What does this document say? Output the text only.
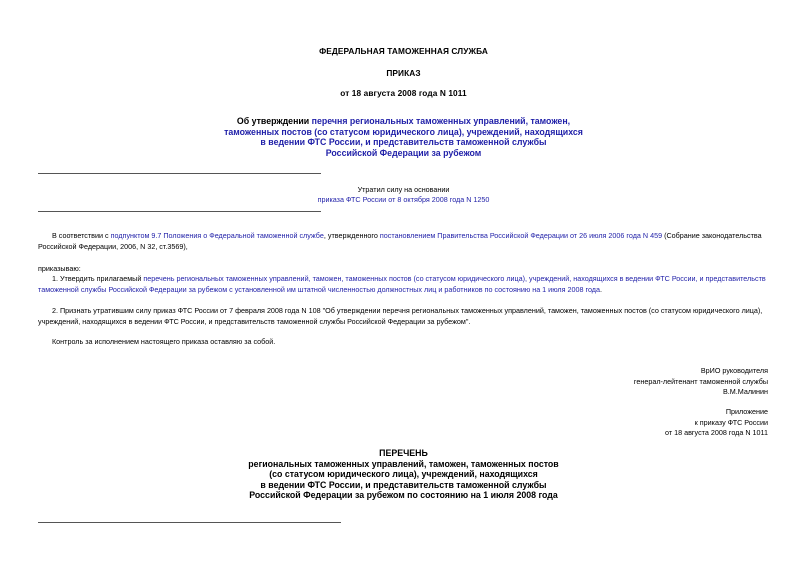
ФЕДЕРАЛЬНАЯ ТАМОЖЕННАЯ СЛУЖБА
ПРИКАЗ
от 18 августа 2008 года N 1011
Об утверждении перечня региональных таможенных управлений, таможен,
таможенных постов (со статусом юридического лица), учреждений, находящихся
в ведении ФТС России, и представительств таможенной службы
Российской Федерации за рубежом
Утратил силу на основании
приказа ФТС России от 8 октября 2008 года N 1250
В соответствии с подпунктом 9.7 Положения о Федеральной таможенной службе, утвержденного постановлением Правительства Российской Федерации от 26 июля 2006 года N 459 (Собрание законодательства
Российской Федерации, 2006, N 32, ст.3569),
приказываю:
1. Утвердить прилагаемый перечень региональных таможенных управлений, таможен, таможенных постов (со статусом юридического лица), учреждений, находящихся в ведении ФТС России, и представительств
таможенной службы Российской Федерации за рубежом с установленной им штатной численностью должностных лиц и работников по состоянию на 1 июля 2008 года.
2. Признать утратившим силу приказ ФТС России от 7 февраля 2008 года N 108 "Об утверждении перечня региональных таможенных управлений, таможен, таможенных постов (со статусом юридического лица),
учреждений, находящихся в ведении ФТС России, и представительств таможенной службы Российской Федерации за рубежом".
Контроль за исполнением настоящего приказа оставляю за собой.
ВрИО руководителя
генерал-лейтенант таможенной службы
В.М.Малинин
Приложение
к приказу ФТС России
от 18 августа 2008 года N 1011
ПЕРЕЧЕНЬ
региональных таможенных управлений, таможен, таможенных постов
(со статусом юридического лица), учреждений, находящихся
в ведении ФТС России, и представительств таможенной службы
Российской Федерации за рубежом по состоянию на 1 июля 2008 года
